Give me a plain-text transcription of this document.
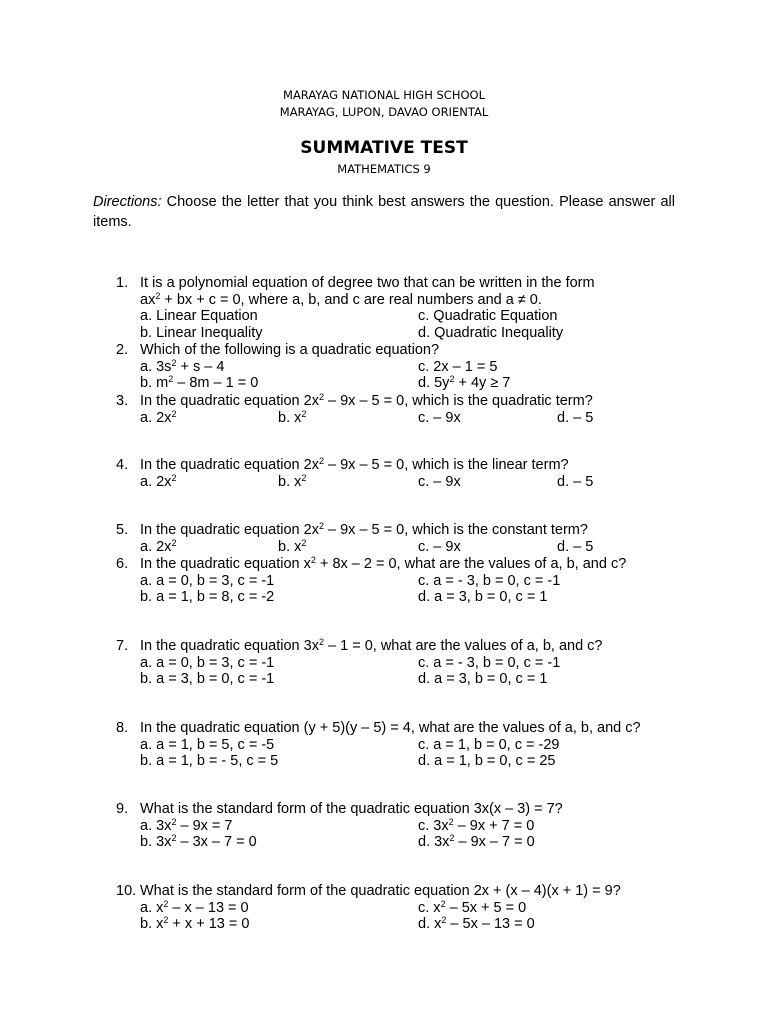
MARAYAG NATIONAL HIGH SCHOOL
MARAYAG, LUPON, DAVAO ORIENTAL
SUMMATIVE TEST
MATHEMATICS 9
Directions: Choose the letter that you think best answers the question. Please answer all items.
1. It is a polynomial equation of degree two that can be written in the form
$ax^2$ + bx + c = 0, where a, b, and c are real numbers and a ≠ 0.
a. Linear Equation	c. Quadratic Equation
b. Linear Inequality	d. Quadratic Inequality
2. Which of the following is a quadratic equation?
a. $3s^2 + s - 4$	c. 2x – 1 = 5
b. $m^2 - 8m - 1 = 0$	d. $5y^2 + 4y \ge 7$
3. In the quadratic equation $2x^2 - 9x - 5 = 0$, which is the quadratic term?
a. $2x^2$	b. $x^2$	c. – 9x	d. – 5
4. In the quadratic equation $2x^2 - 9x - 5 = 0$, which is the linear term?
a. $2x^2$	b. $x^2$	c. – 9x	d. – 5
5. In the quadratic equation $2x^2 - 9x - 5 = 0$, which is the constant term?
a. $2x^2$	b. $x^2$	c. – 9x	d. – 5
6. In the quadratic equation $x^2 + 8x - 2 = 0$, what are the values of a, b, and c?
a. a = 0, b = 3, c = -1	c. a = - 3, b = 0, c = -1
b. a = 1, b = 8, c = -2	d. a = 3, b = 0, c = 1
7. In the quadratic equation $3x^2 - 1 = 0$, what are the values of a, b, and c?
a. a = 0, b = 3, c = -1	c. a = - 3, b = 0, c = -1
b. a = 3, b = 0, c = -1	d. a = 3, b = 0, c = 1
8. In the quadratic equation (y + 5)(y – 5) = 4, what are the values of a, b, and c?
a. a = 1, b = 5, c = -5	c. a = 1, b = 0, c = -29
b. a = 1, b = - 5, c = 5	d. a = 1, b = 0, c = 25
9. What is the standard form of the quadratic equation 3x(x – 3) = 7?
a. $3x^2 - 9x = 7$	c. $3x^2 - 9x + 7 = 0$
b. $3x^2 - 3x - 7 = 0$	d. $3x^2 - 9x - 7 = 0$
10. What is the standard form of the quadratic equation 2x + (x – 4)(x + 1) = 9?
a. $x^2 - x - 13 = 0$	c. $x^2 - 5x + 5 = 0$
b. $x^2 + x + 13 = 0$	d. $x^2 - 5x - 13 = 0$
